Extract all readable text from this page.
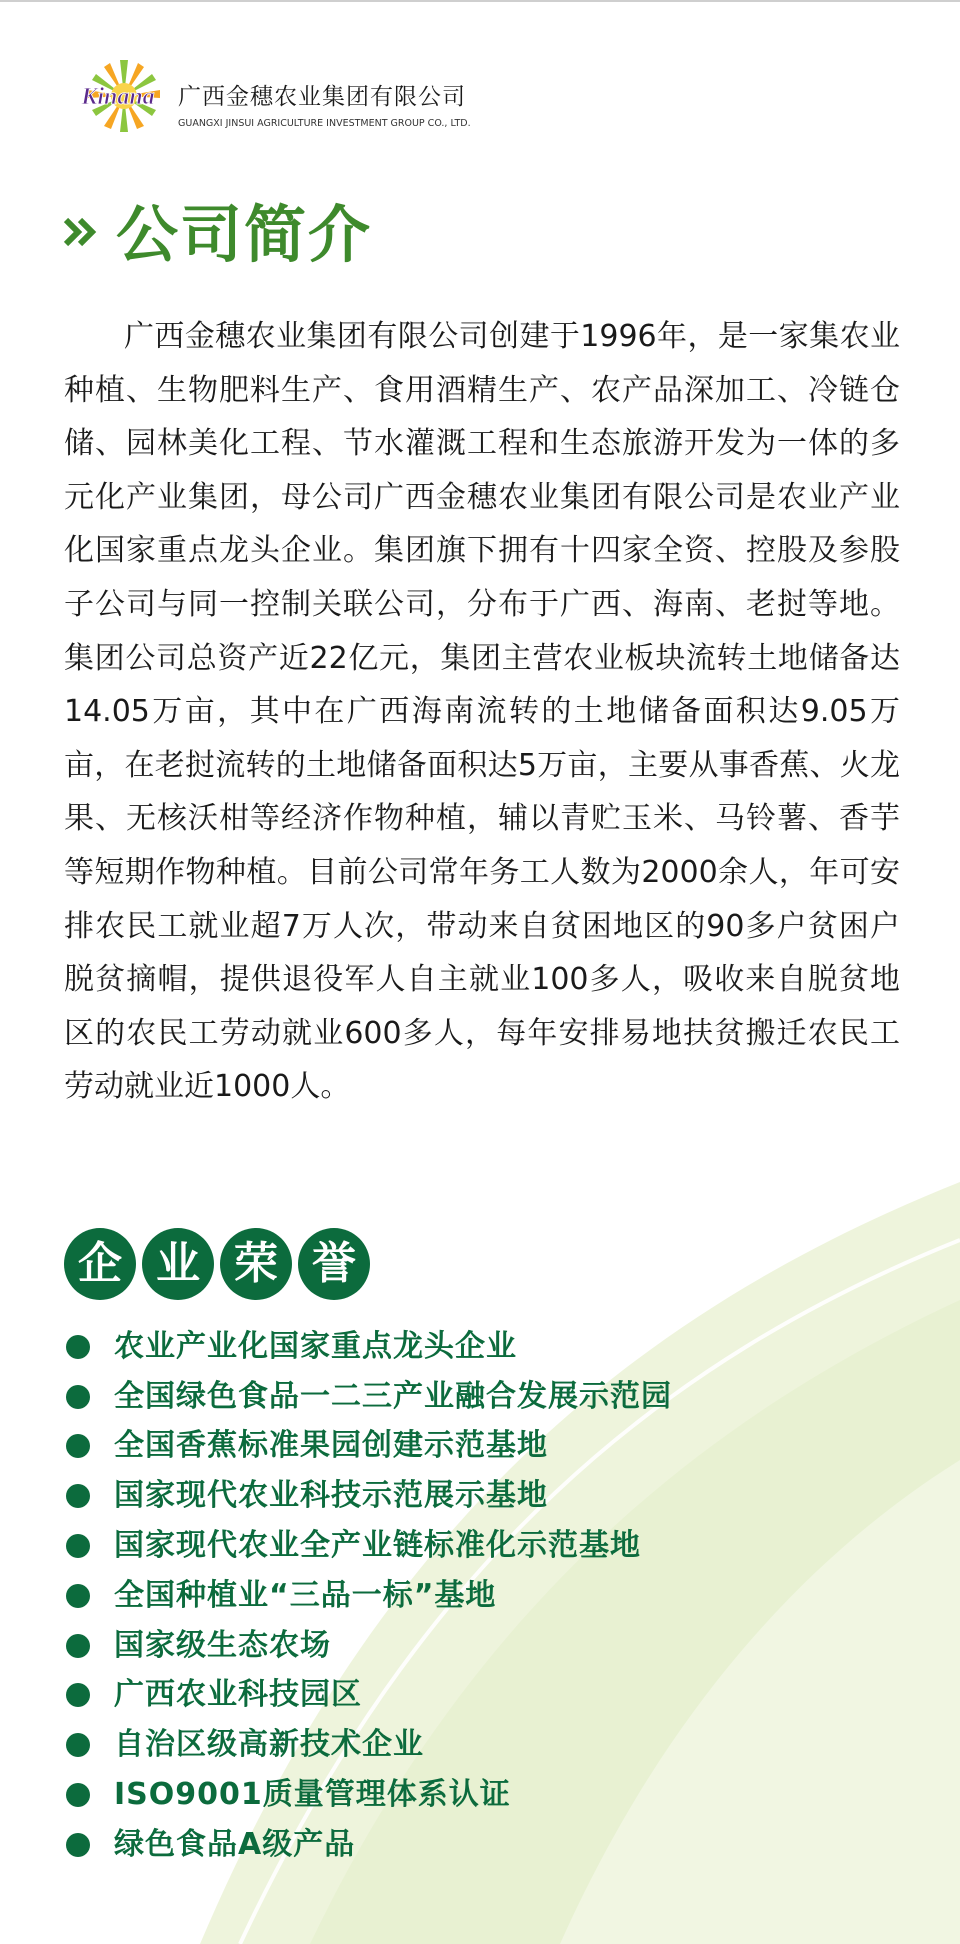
Kinana 广西金穗农业集团有限公司
GUANGXI JINSUI AGRICULTURE INVESTMENT GROUP CO., LTD.
公司简介

广西金穗农业集团有限公司创建于1996年，是一家集农业种植、生物肥料生产、食用酒精生产、农产品深加工、冷链仓储、园林美化工程、节水灌溉工程和生态旅游开发为一体的多元化产业集团，母公司广西金穗农业集团有限公司是农业产业化国家重点龙头企业。集团旗下拥有十四家全资、控股及参股子公司与同一控制关联公司，分布于广西、海南、老挝等地。集团公司总资产近22亿元，集团主营农业板块流转土地储备达14.05万亩，其中在广西海南流转的土地储备面积达9.05万亩，在老挝流转的土地储备面积达5万亩，主要从事香蕉、火龙果、无核沃柑等经济作物种植，辅以青贮玉米、马铃薯、香芋等短期作物种植。目前公司常年务工人数为2000余人，年可安排农民工就业超7万人次，带动来自贫困地区的90多户贫困户脱贫摘帽，提供退役军人自主就业100多人，吸收来自脱贫地区的农民工劳动就业600多人，每年安排易地扶贫搬迁农民工劳动就业近1000人。

企 业 荣 誉
农业产业化国家重点龙头企业
全国绿色食品一二三产业融合发展示范园
全国香蕉标准果园创建示范基地
国家现代农业科技示范展示基地
国家现代农业全产业链标准化示范基地
全国种植业“三品一标”基地
国家级生态农场
广西农业科技园区
自治区级高新技术企业
ISO9001质量管理体系认证
绿色食品A级产品
